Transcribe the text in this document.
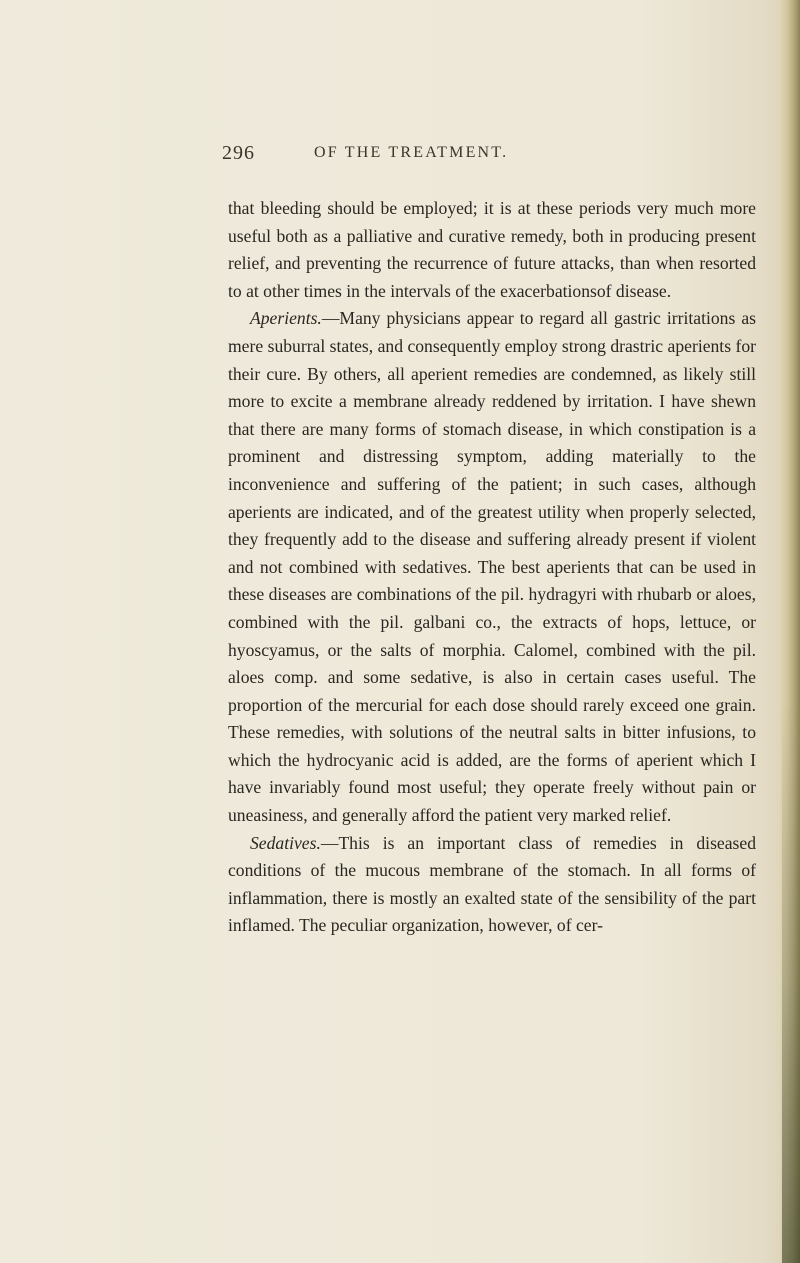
296	OF THE TREATMENT.

that bleeding should be employed; it is at these periods very much more useful both as a palliative and curative remedy, both in producing present relief, and preventing the recurrence of future attacks, than when resorted to at other times in the intervals of the exacerbationsof disease.

Aperients.—Many physicians appear to regard all gastric irritations as mere suburral states, and consequently employ strong drastric aperients for their cure. By others, all aperient remedies are condemned, as likely still more to excite a membrane already reddened by irritation. I have shewn that there are many forms of stomach disease, in which constipation is a prominent and distressing symptom, adding materially to the inconvenience and suffering of the patient; in such cases, although aperients are indicated, and of the greatest utility when properly selected, they frequently add to the disease and suffering already present if violent and not combined with sedatives. The best aperients that can be used in these diseases are combinations of the pil. hydragyri with rhubarb or aloes, combined with the pil. galbani co., the extracts of hops, lettuce, or hyoscyamus, or the salts of morphia. Calomel, combined with the pil. aloes comp. and some sedative, is also in certain cases useful. The proportion of the mercurial for each dose should rarely exceed one grain. These remedies, with solutions of the neutral salts in bitter infusions, to which the hydrocyanic acid is added, are the forms of aperient which I have invariably found most useful; they operate freely without pain or uneasiness, and generally afford the patient very marked relief.

Sedatives.—This is an important class of remedies in diseased conditions of the mucous membrane of the stomach. In all forms of inflammation, there is mostly an exalted state of the sensibility of the part inflamed. The peculiar organization, however, of cer-
